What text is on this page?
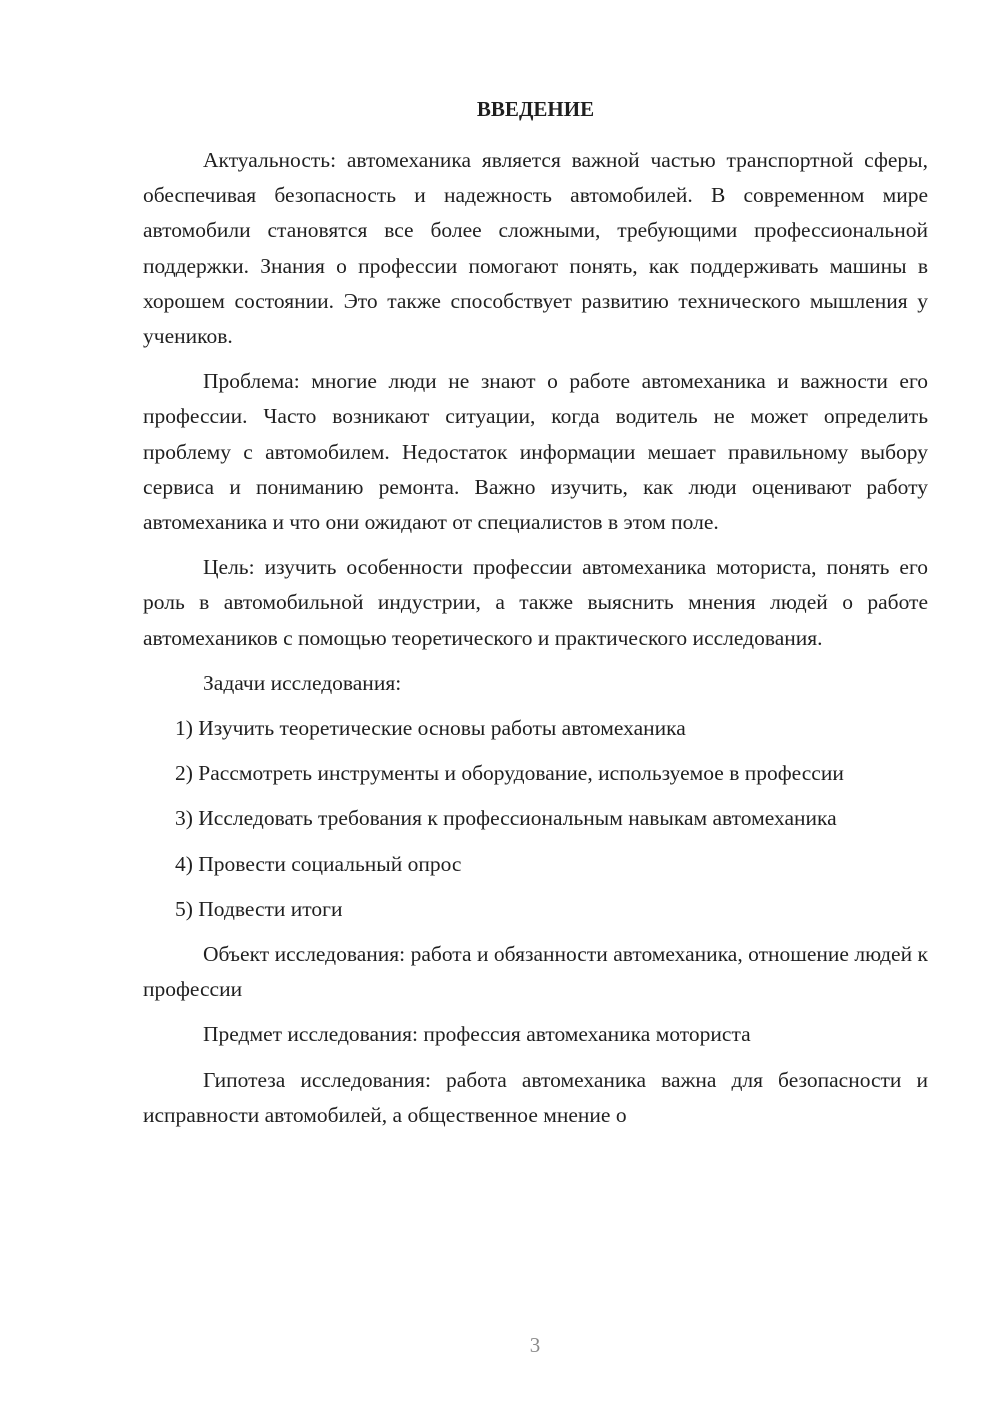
ВВЕДЕНИЕ
Актуальность: автомеханика является важной частью транспортной сферы, обеспечивая безопасность и надежность автомобилей. В современном мире автомобили становятся все более сложными, требующими профессиональной поддержки. Знания о профессии помогают понять, как поддерживать машины в хорошем состоянии. Это также способствует развитию технического мышления у учеников.
Проблема: многие люди не знают о работе автомеханика и важности его профессии. Часто возникают ситуации, когда водитель не может определить проблему с автомобилем. Недостаток информации мешает правильному выбору сервиса и пониманию ремонта. Важно изучить, как люди оценивают работу автомеханика и что они ожидают от специалистов в этом поле.
Цель: изучить особенности профессии автомеханика моториста, понять его роль в автомобильной индустрии, а также выяснить мнения людей о работе автомехаников с помощью теоретического и практического исследования.
Задачи исследования:
1) Изучить теоретические основы работы автомеханика
2) Рассмотреть инструменты и оборудование, используемое в профессии
3) Исследовать требования к профессиональным навыкам автомеханика
4) Провести социальный опрос
5) Подвести итоги
Объект исследования: работа и обязанности автомеханика, отношение людей к профессии
Предмет исследования: профессия автомеханика моториста
Гипотеза исследования: работа автомеханика важна для безопасности и исправности автомобилей, а общественное мнение о
3
